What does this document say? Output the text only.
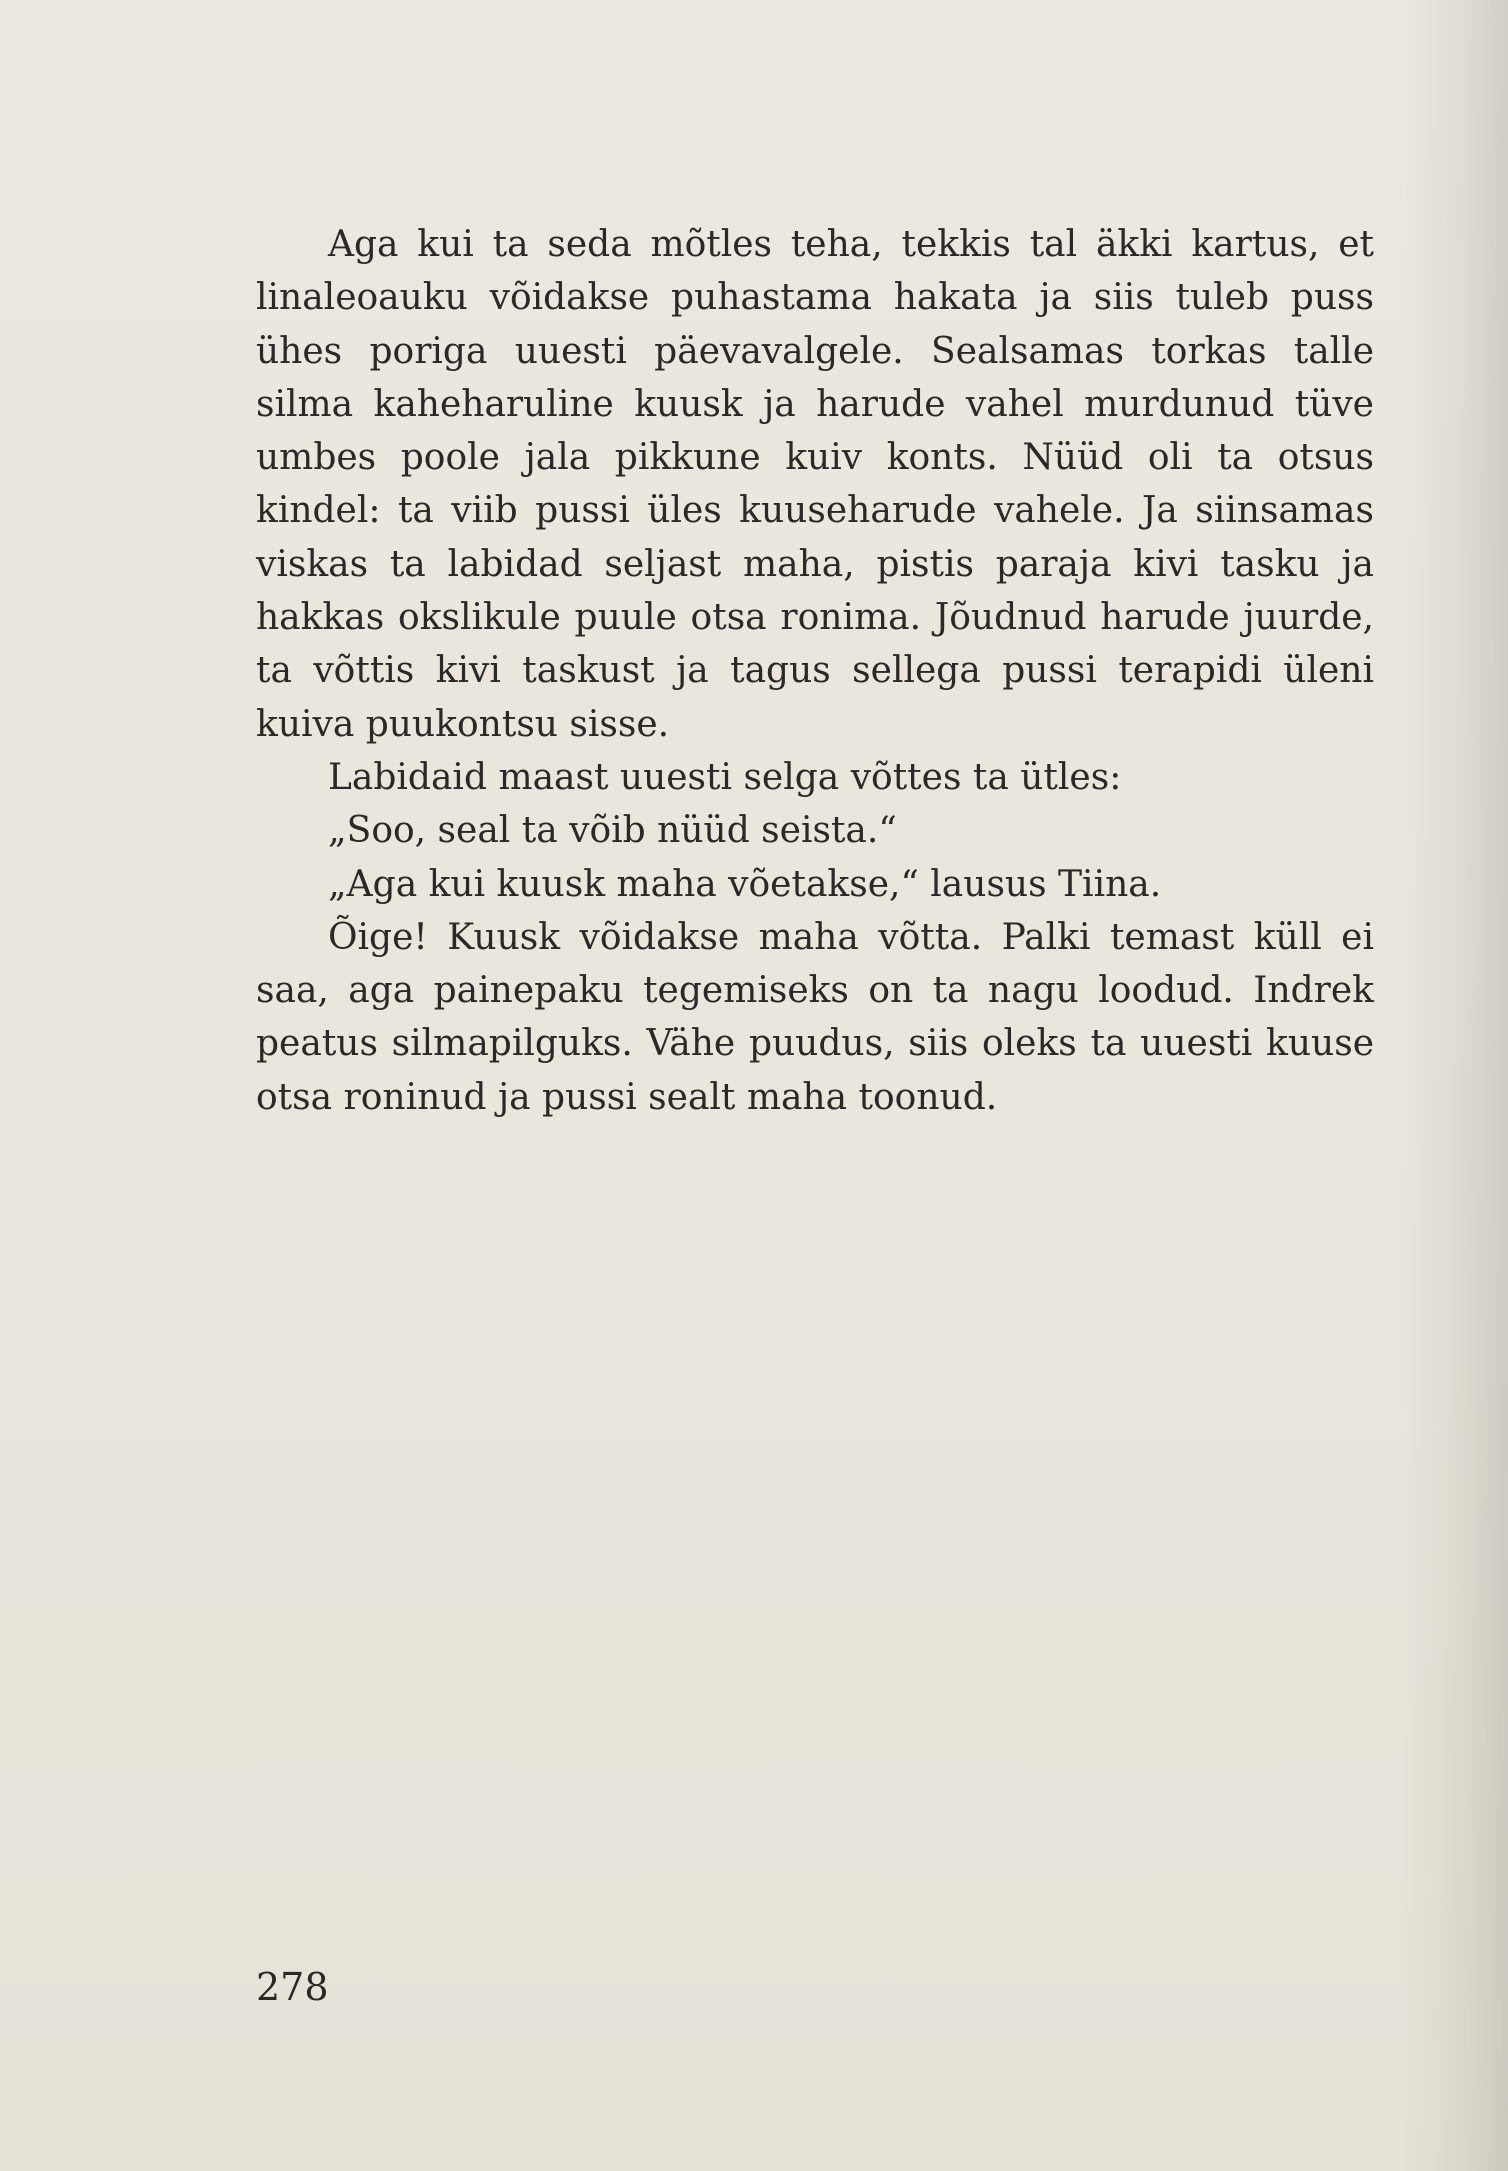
Aga kui ta seda mõtles teha, tekkis tal äkki kartus, et linaleoauku võidakse puhastama hakata ja siis tuleb puss ühes poriga uuesti päevavalgele. Sealsamas torkas talle silma kaheharuline kuusk ja harude vahel murdunud tüve umbes poole jala pikkune kuiv konts. Nüüd oli ta otsus kindel: ta viib pussi üles kuuseharude vahele. Ja siinsamas viskas ta labidad seljast maha, pistis paraja kivi tasku ja hakkas okslikule puule otsa ronima. Jõudnud harude juurde, ta võttis kivi taskust ja tagus sellega pussi terapidi üleni kuiva puukontsu sisse.

Labidaid maast uuesti selga võttes ta ütles:

„Soo, seal ta võib nüüd seista.“

„Aga kui kuusk maha võetakse,“ lausus Tiina.

Õige! Kuusk võidakse maha võtta. Palki temast küll ei saa, aga painepaku tegemiseks on ta nagu loodud. Indrek peatus silmapilguks. Vähe puudus, siis oleks ta uuesti kuuse otsa roninud ja pussi sealt maha toonud.

278
